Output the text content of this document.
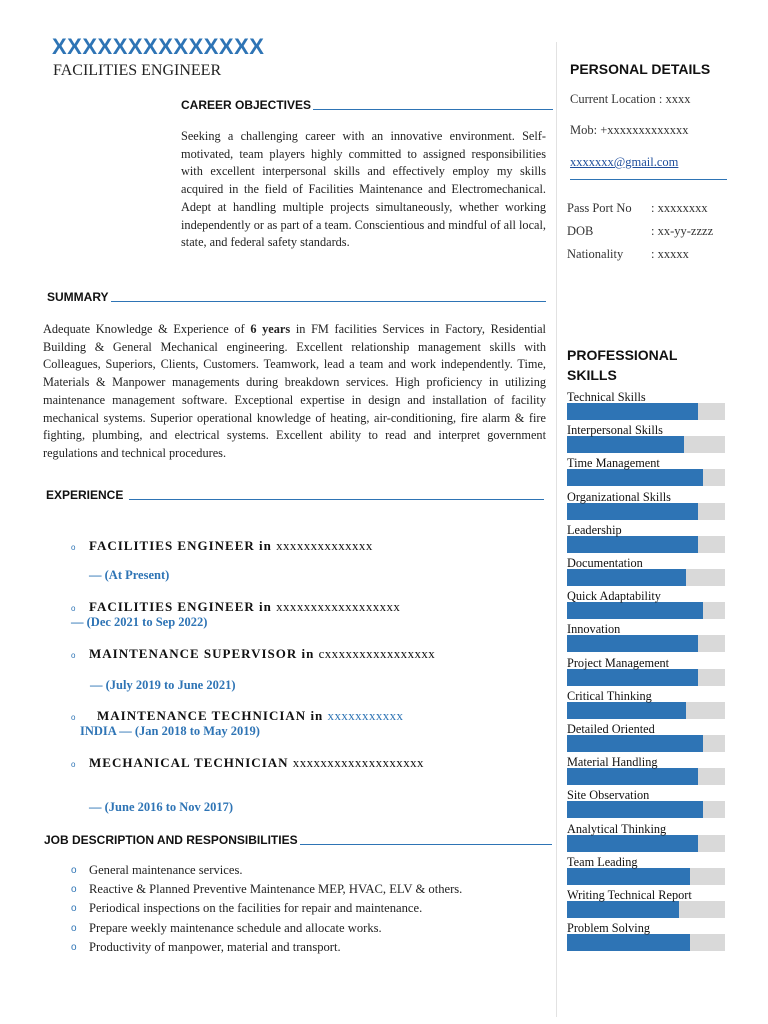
XXXXXXXXXXXXXX
FACILITIES ENGINEER
CAREER OBJECTIVES

Seeking a challenging career with an innovative environment. Self-motivated, team players highly committed to assigned responsibilities with excellent interpersonal skills and effectively employ my skills acquired in the field of Facilities Maintenance and Electromechanical. Adept at handling multiple projects simultaneously, whether working independently or as part of a team. Conscientious and mindful of all local, state, and federal safety standards.

SUMMARY

Adequate Knowledge & Experience of 6 years in FM facilities Services in Factory, Residential Building & General Mechanical engineering. Excellent relationship management skills with Colleagues, Superiors, Clients, Customers. Teamwork, lead a team and work independently. Time, Materials & Manpower managements during breakdown services. High proficiency in utilizing maintenance management software. Exceptional expertise in design and installation of facility mechanical systems. Superior operational knowledge of heating, air-conditioning, fire alarm & fire fighting, plumbing, and electrical systems. Excellent ability to read and interpret government regulations and technical procedures.

EXPERIENCE
o FACILITIES ENGINEER in xxxxxxxxxxxxxx
— (At Present)
o FACILITIES ENGINEER in xxxxxxxxxxxxxxxxxx
— (Dec 2021 to Sep 2022)
o MAINTENANCE SUPERVISOR in cxxxxxxxxxxxxxxxx
— (July 2019 to June 2021)
o MAINTENANCE TECHNICIAN in xxxxxxxxxxx
INDIA — (Jan 2018 to May 2019)
o MECHANICAL TECHNICIAN xxxxxxxxxxxxxxxxxxx
— (June 2016 to Nov 2017)
JOB DESCRIPTION AND RESPONSIBILITIES
o General maintenance services.
o Reactive & Planned Preventive Maintenance MEP, HVAC, ELV & others.
o Periodical inspections on the facilities for repair and maintenance.
o Prepare weekly maintenance schedule and allocate works.
o Productivity of manpower, material and transport.
PERSONAL DETAILS
Current Location : xxxx
Mob: +xxxxxxxxxxxxx
xxxxxxx@gmail.com
Pass Port No : xxxxxxxx
DOB	: xx-yy-zzzz
Nationality : xxxxx
PROFESSIONAL
SKILLS
Technical Skills
Interpersonal Skills
Time Management
Organizational Skills
Leadership
Documentation
Quick Adaptability
Innovation
Project Management
Critical Thinking
Detailed Oriented
Material Handling
Site Observation
Analytical Thinking
Team Leading
Writing Technical Report
Problem Solving
